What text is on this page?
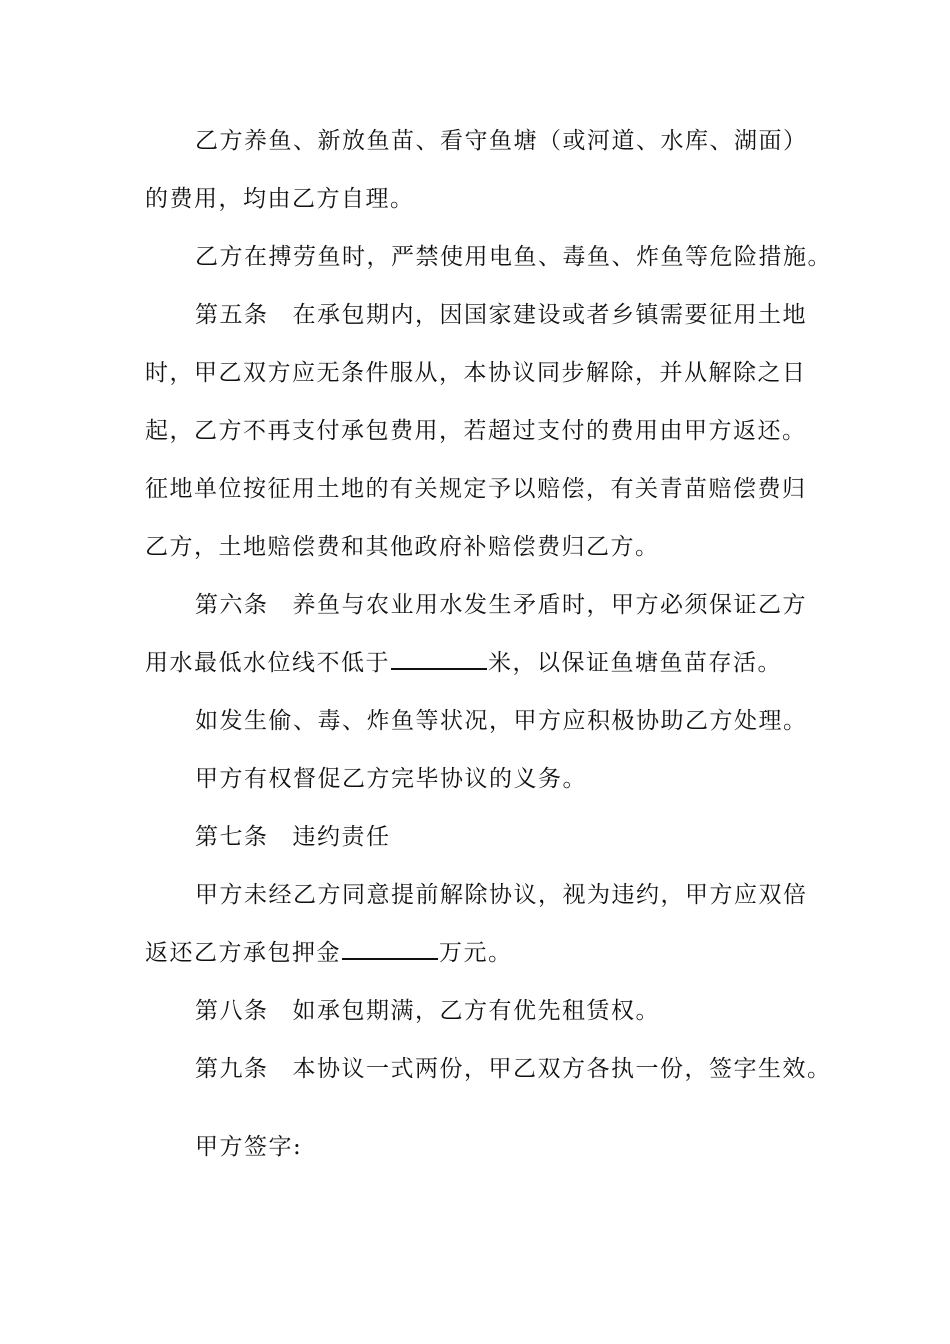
乙方养鱼、新放鱼苗、看守鱼塘（或河道、水库、湖面）
的费用，均由乙方自理。
乙方在搏劳鱼时，严禁使用电鱼、毒鱼、炸鱼等危险措施。
第五条 在承包期内，因国家建设或者乡镇需要征用土地
时，甲乙双方应无条件服从，本协议同步解除，并从解除之日
起，乙方不再支付承包费用，若超过支付的费用由甲方返还。
征地单位按征用土地的有关规定予以赔偿，有关青苗赔偿费归
乙方，土地赔偿费和其他政府补赔偿费归乙方。
第六条 养鱼与农业用水发生矛盾时，甲方必须保证乙方
用水最低水位线不低于	米，以保证鱼塘鱼苗存活。
如发生偷、毒、炸鱼等状况，甲方应积极协助乙方处理。
甲方有权督促乙方完毕协议的义务。
第七条 违约责任
甲方未经乙方同意提前解除协议，视为违约，甲方应双倍
返还乙方承包押金	万元。
第八条 如承包期满，乙方有优先租赁权。
第九条 本协议一式两份，甲乙双方各执一份，签字生效。
甲方签字:
